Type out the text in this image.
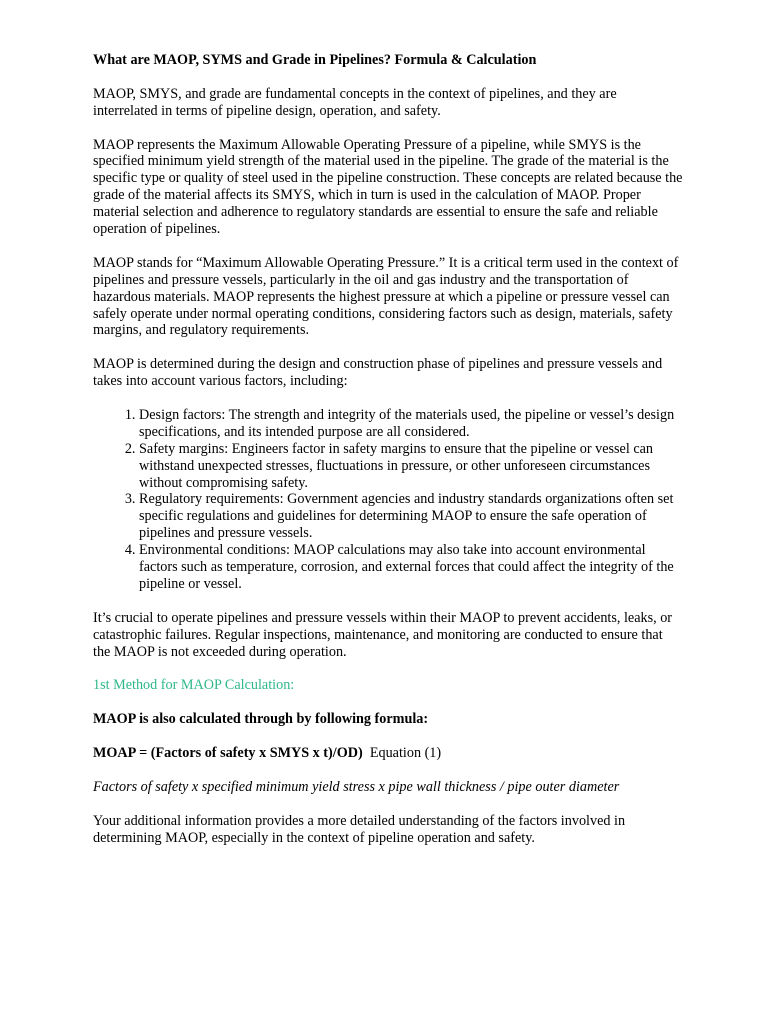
What are MAOP, SYMS and Grade in Pipelines? Formula & Calculation

MAOP, SMYS, and grade are fundamental concepts in the context of pipelines, and they are interrelated in terms of pipeline design, operation, and safety.

MAOP represents the Maximum Allowable Operating Pressure of a pipeline, while SMYS is the specified minimum yield strength of the material used in the pipeline. The grade of the material is the specific type or quality of steel used in the pipeline construction. These concepts are related because the grade of the material affects its SMYS, which in turn is used in the calculation of MAOP. Proper material selection and adherence to regulatory standards are essential to ensure the safe and reliable operation of pipelines.

MAOP stands for “Maximum Allowable Operating Pressure.” It is a critical term used in the context of pipelines and pressure vessels, particularly in the oil and gas industry and the transportation of hazardous materials. MAOP represents the highest pressure at which a pipeline or pressure vessel can safely operate under normal operating conditions, considering factors such as design, materials, safety margins, and regulatory requirements.

MAOP is determined during the design and construction phase of pipelines and pressure vessels and takes into account various factors, including:

1. Design factors: The strength and integrity of the materials used, the pipeline or vessel’s design specifications, and its intended purpose are all considered.
2. Safety margins: Engineers factor in safety margins to ensure that the pipeline or vessel can withstand unexpected stresses, fluctuations in pressure, or other unforeseen circumstances without compromising safety.
3. Regulatory requirements: Government agencies and industry standards organizations often set specific regulations and guidelines for determining MAOP to ensure the safe operation of pipelines and pressure vessels.
4. Environmental conditions: MAOP calculations may also take into account environmental factors such as temperature, corrosion, and external forces that could affect the integrity of the pipeline or vessel.

It’s crucial to operate pipelines and pressure vessels within their MAOP to prevent accidents, leaks, or catastrophic failures. Regular inspections, maintenance, and monitoring are conducted to ensure that the MAOP is not exceeded during operation.

1st Method for MAOP Calculation:

MAOP is also calculated through by following formula:

MOAP = (Factors of safety x SMYS x t)/OD) Equation (1)

Factors of safety x specified minimum yield stress x pipe wall thickness / pipe outer diameter

Your additional information provides a more detailed understanding of the factors involved in determining MAOP, especially in the context of pipeline operation and safety.
